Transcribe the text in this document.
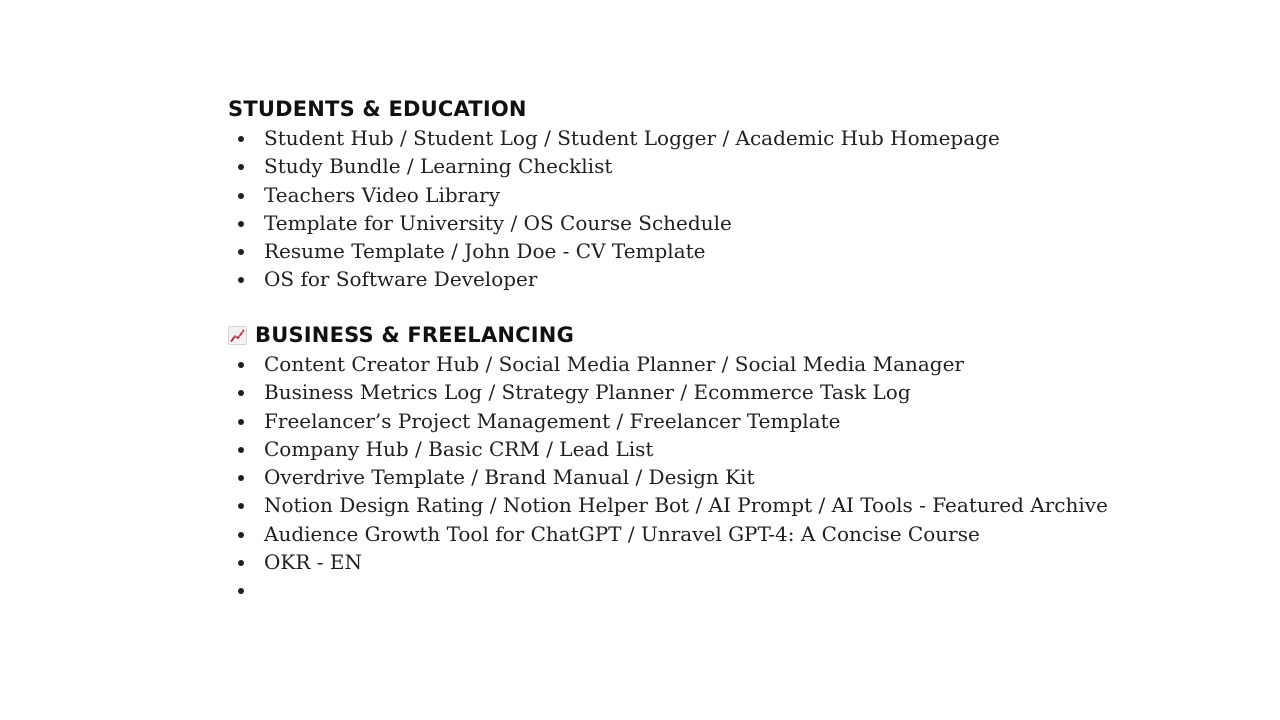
STUDENTS & EDUCATION
Student Hub / Student Log / Student Logger / Academic Hub Homepage
Study Bundle / Learning Checklist
Teachers Video Library
Template for University / OS Course Schedule
Resume Template / John Doe - CV Template
OS for Software Developer
BUSINESS & FREELANCING
Content Creator Hub / Social Media Planner / Social Media Manager
Business Metrics Log / Strategy Planner / Ecommerce Task Log
Freelancer’s Project Management / Freelancer Template
Company Hub / Basic CRM / Lead List
Overdrive Template / Brand Manual / Design Kit
Notion Design Rating / Notion Helper Bot / AI Prompt / AI Tools - Featured Archive
Audience Growth Tool for ChatGPT / Unravel GPT-4: A Concise Course
OKR - EN
